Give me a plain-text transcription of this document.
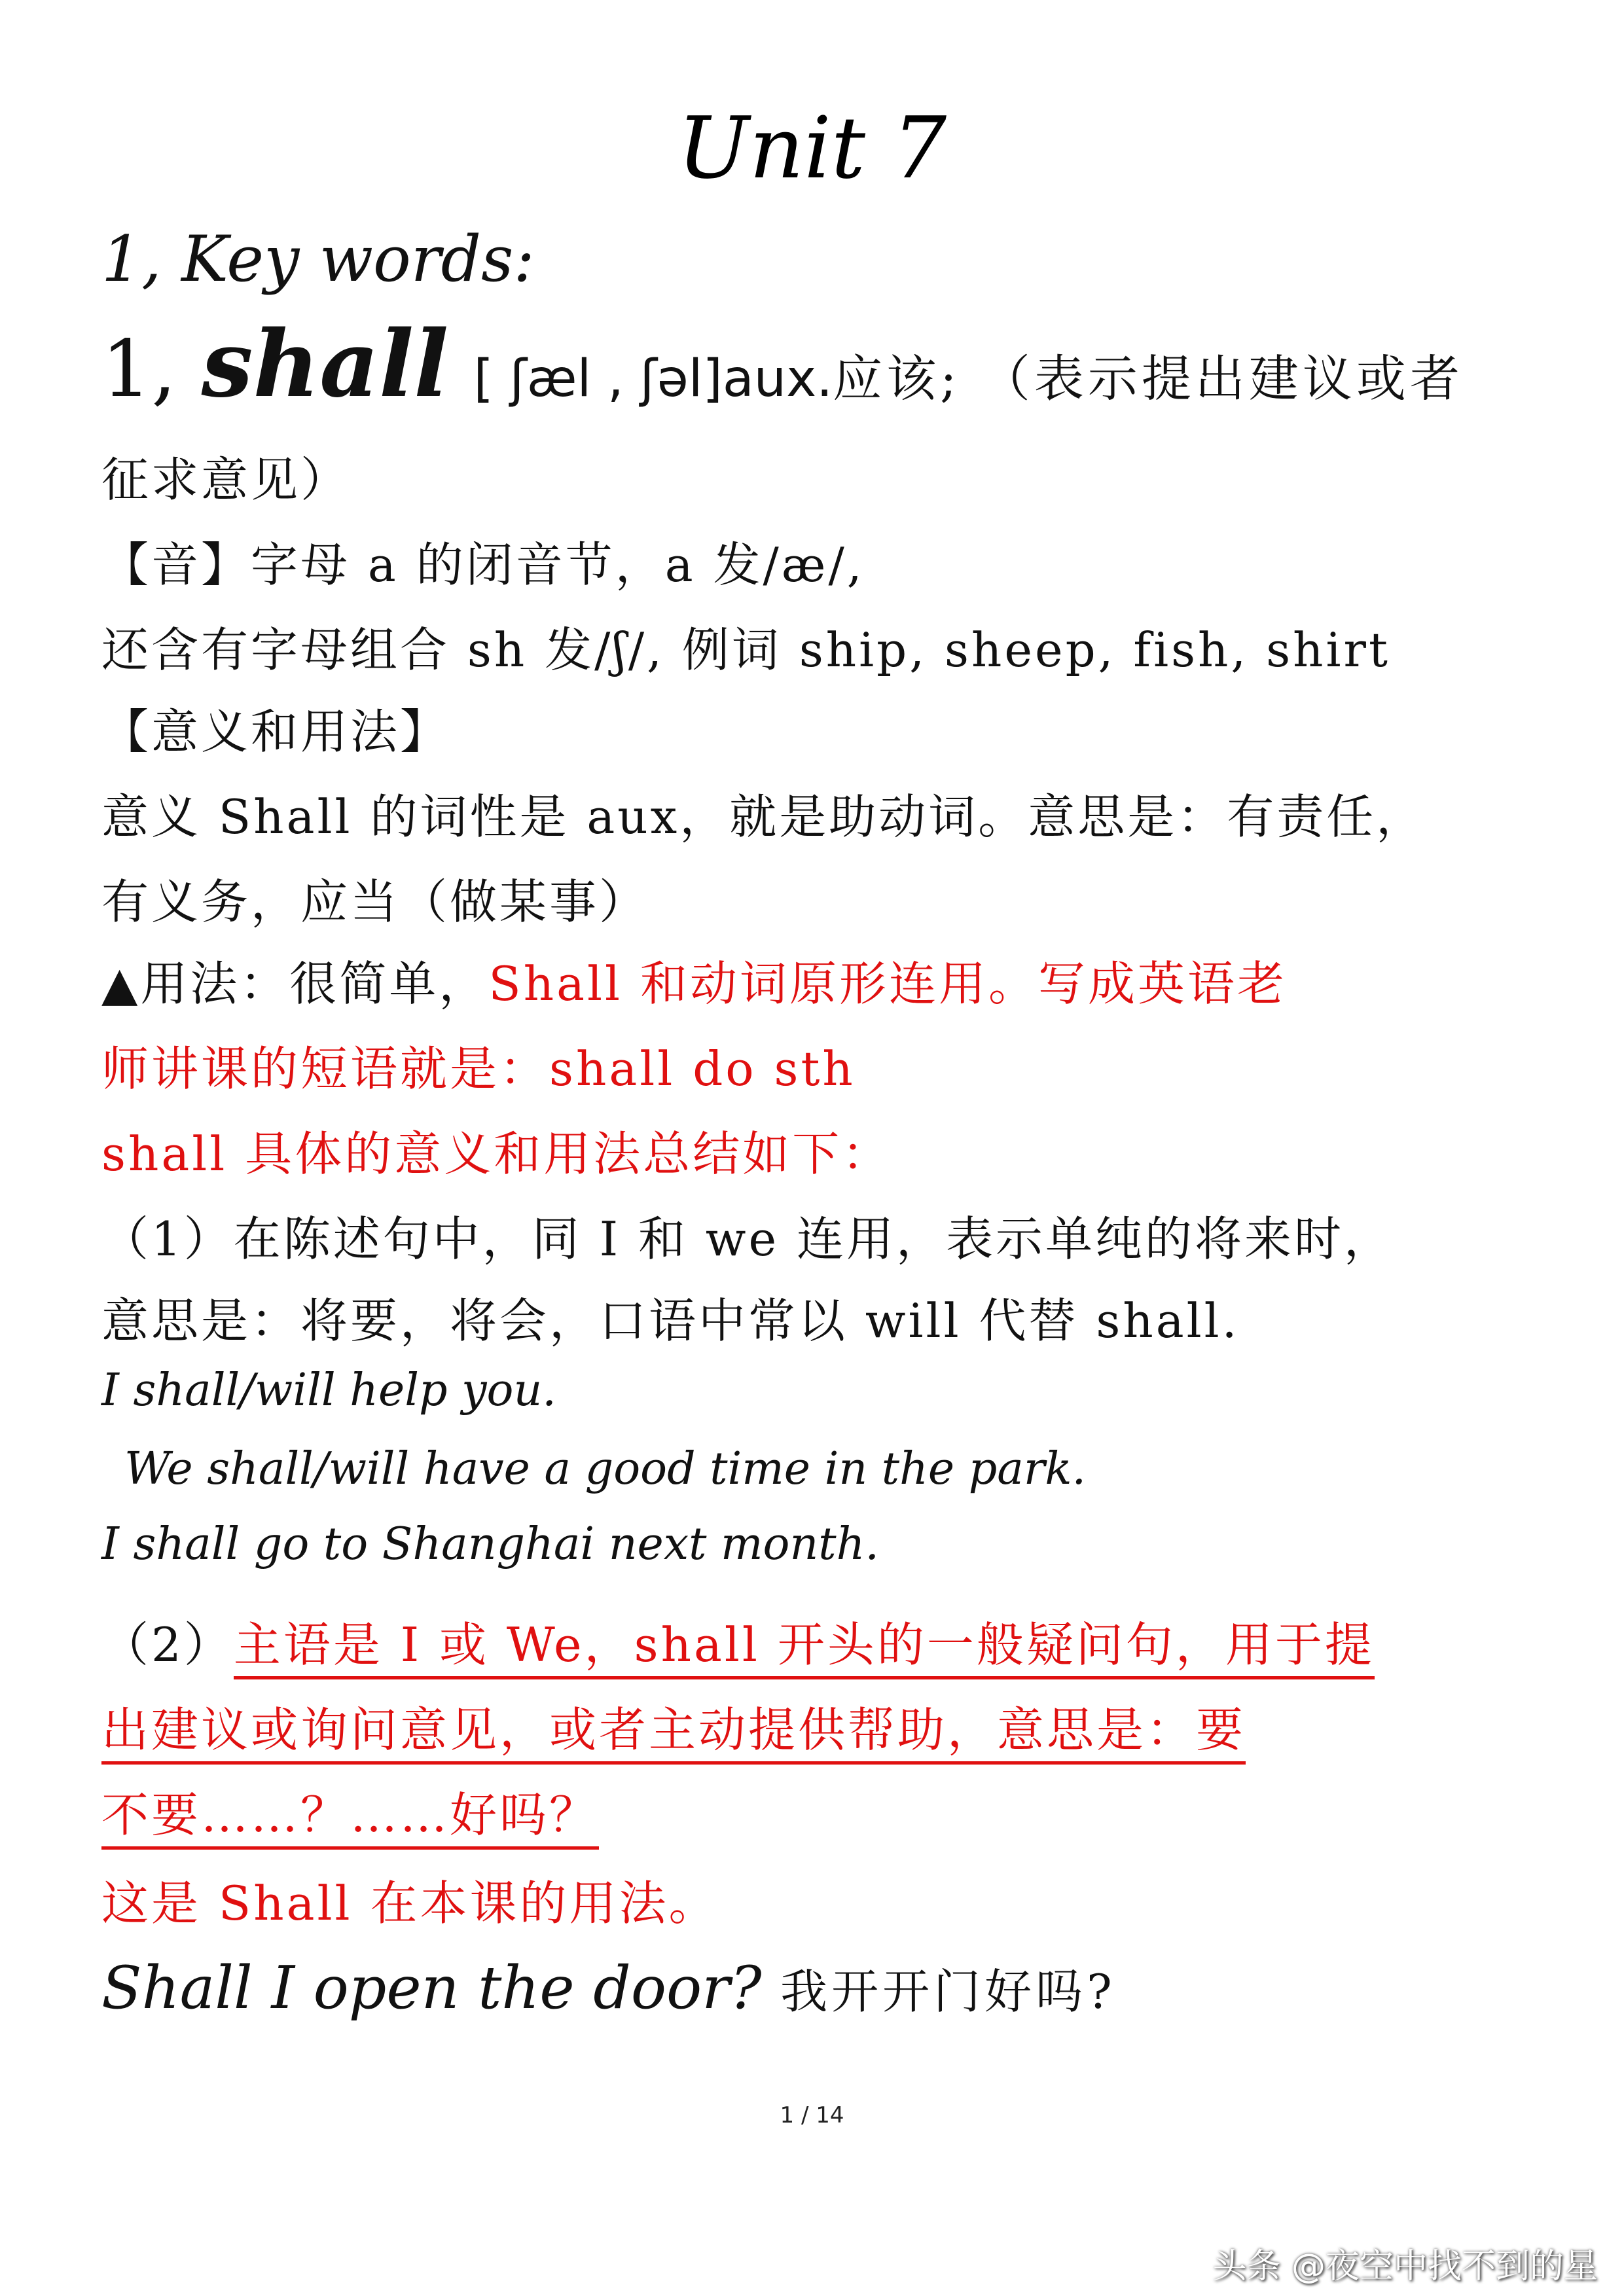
Unit 7
1, Key words:
1, shall [ ʃæl , ʃəl]aux.应该; （表示提出建议或者
征求意见）
【音】字母 a 的闭音节，a 发/æ/,
还含有字母组合 sh 发/ʃ/, 例词 ship, sheep, fish, shirt
【意义和用法】
意义 Shall 的词性是 aux，就是助动词。意思是：有责任，
有义务，应当（做某事）
▲用法：很简单，Shall 和动词原形连用。写成英语老
师讲课的短语就是：shall do sth
shall 具体的意义和用法总结如下：
（1）在陈述句中，同 I 和 we 连用，表示单纯的将来时，
意思是：将要，将会，口语中常以 will 代替 shall.
I shall/will help you.
We shall/will have a good time in the park.
I shall go to Shanghai next month.
（2）主语是 I 或 We，shall 开头的一般疑问句，用于提
出建议或询问意见，或者主动提供帮助，意思是：要
不要……？……好吗？
这是 Shall 在本课的用法。
Shall I open the door? 我开开门好吗?
1 / 14
头条 @夜空中找不到的星
